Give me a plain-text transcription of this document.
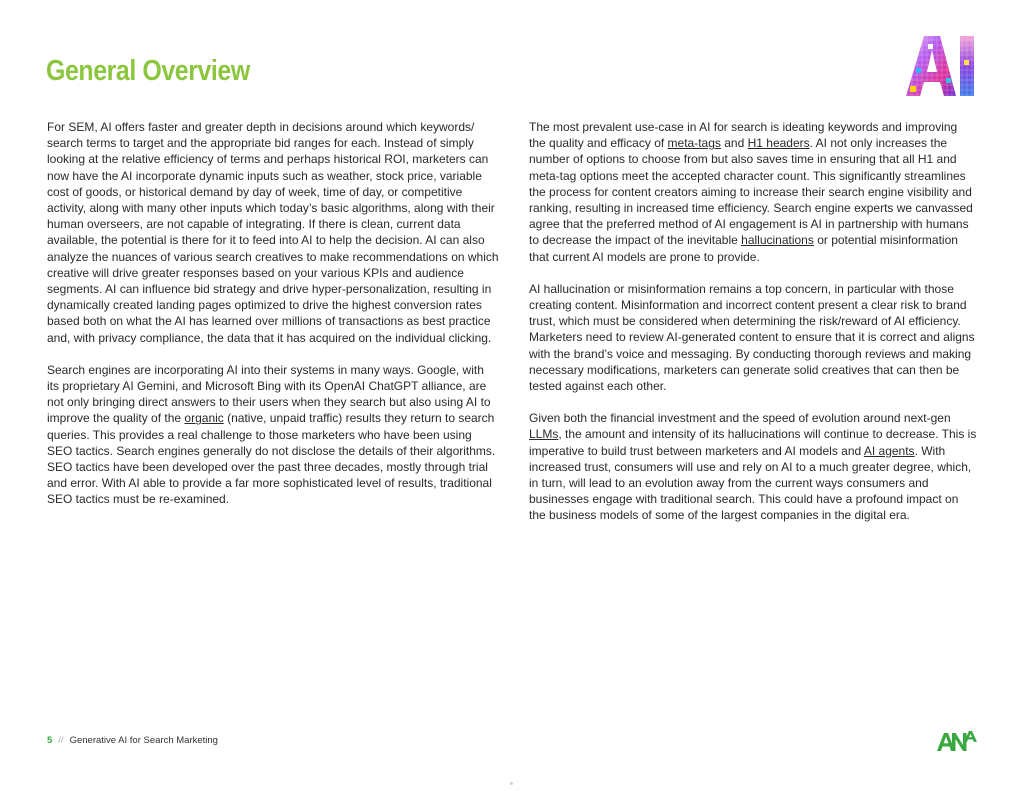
General Overview

For SEM, AI offers faster and greater depth in decisions around which keywords/ search terms to target and the appropriate bid ranges for each. Instead of simply looking at the relative efficiency of terms and perhaps historical ROI, marketers can now have the AI incorporate dynamic inputs such as weather, stock price, variable cost of goods, or historical demand by day of week, time of day, or competitive activity, along with many other inputs which today’s basic algorithms, along with their human overseers, are not capable of integrating. If there is clean, current data available, the potential is there for it to feed into AI to help the decision. AI can also analyze the nuances of various search creatives to make recommendations on which creative will drive greater responses based on your various KPIs and audience segments. AI can influence bid strategy and drive hyper-personalization, resulting in dynamically created landing pages optimized to drive the highest conversion rates based both on what the AI has learned over millions of transactions as best practice and, with privacy compliance, the data that it has acquired on the individual clicking.

Search engines are incorporating AI into their systems in many ways. Google, with its proprietary AI Gemini, and Microsoft Bing with its OpenAI ChatGPT alliance, are not only bringing direct answers to their users when they search but also using AI to improve the quality of the organic (native, unpaid traffic) results they return to search queries. This provides a real challenge to those marketers who have been using SEO tactics. Search engines generally do not disclose the details of their algorithms. SEO tactics have been developed over the past three decades, mostly through trial and error. With AI able to provide a far more sophisticated level of results, traditional SEO tactics must be re-examined.

The most prevalent use-case in AI for search is ideating keywords and improving the quality and efficacy of meta-tags and H1 headers. AI not only increases the number of options to choose from but also saves time in ensuring that all H1 and meta-tag options meet the accepted character count. This significantly streamlines the process for content creators aiming to increase their search engine visibility and ranking, resulting in increased time efficiency. Search engine experts we canvassed agree that the preferred method of AI engagement is AI in partnership with humans to decrease the impact of the inevitable hallucinations or potential misinformation that current AI models are prone to provide.

AI hallucination or misinformation remains a top concern, in particular with those creating content. Misinformation and incorrect content present a clear risk to brand trust, which must be considered when determining the risk/reward of AI efficiency. Marketers need to review AI-generated content to ensure that it is correct and aligns with the brand’s voice and messaging. By conducting thorough reviews and making necessary modifications, marketers can generate solid creatives that can then be tested against each other.

Given both the financial investment and the speed of evolution around next-gen LLMs, the amount and intensity of its hallucinations will continue to decrease. This is imperative to build trust between marketers and AI models and AI agents. With increased trust, consumers will use and rely on AI to a much greater degree, which, in turn, will lead to an evolution away from the current ways consumers and businesses engage with traditional search. This could have a profound impact on the business models of some of the largest companies in the digital era.

5 // Generative AI for Search Marketing
